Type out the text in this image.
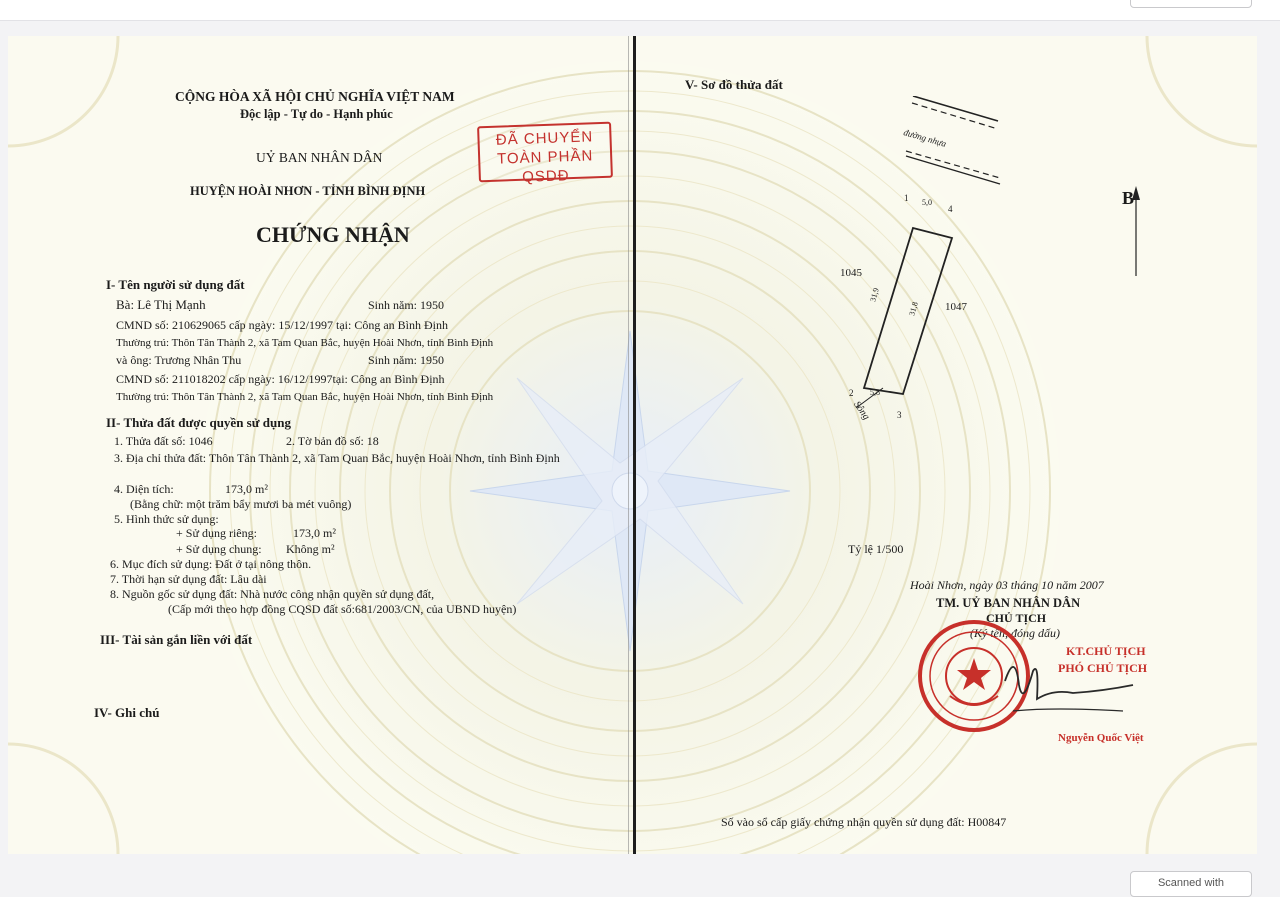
CỘNG HÒA XÃ HỘI CHỦ NGHĨA VIỆT NAM
Độc lập - Tự do - Hạnh phúc
UỶ BAN NHÂN DÂN
HUYỆN HOÀI NHƠN - TỈNH BÌNH ĐỊNH
CHỨNG NHẬN
ĐÃ CHUYỂN
TOÀN PHẦN QSDĐ
I- Tên người sử dụng đất
Bà: Lê Thị Mạnh	Sinh năm: 1950
CMND số: 210629065 cấp ngày: 15/12/1997 tại: Công an Bình Định
Thường trú: Thôn Tân Thành 2, xã Tam Quan Bắc, huyện Hoài Nhơn, tỉnh Bình Định
và ông: Trương Nhân Thu	Sinh năm: 1950
CMND số: 211018202 cấp ngày: 16/12/1997tại: Công an Bình Định
Thường trú: Thôn Tân Thành 2, xã Tam Quan Bắc, huyện Hoài Nhơn, tỉnh Bình Định
II- Thửa đất được quyền sử dụng
1. Thửa đất số: 1046	2. Tờ bản đồ số: 18
3. Địa chỉ thửa đất: Thôn Tân Thành 2, xã Tam Quan Bắc, huyện Hoài Nhơn, tỉnh Bình Định
4. Diện tích:	173,0 m²
(Bằng chữ: một trăm bẩy mươi ba mét vuông)
5. Hình thức sử dụng:
+ Sử dụng riêng:	173,0 m²
+ Sử dụng chung: Không m²
6. Mục đích sử dụng: Đất ở tại nông thôn.
7. Thời hạn sử dụng đất: Lâu dài
8. Nguồn gốc sử dụng đất: Nhà nước công nhận quyền sử dụng đất,
(Cấp mới theo hợp đồng CQSD đất số:681/2003/CN, của UBND huyện)
III- Tài sản gắn liền với đất
IV- Ghi chú
V- Sơ đồ thửa đất
đường nhựa
Sông
B
1045
1047
1
2
3
4
5,0
31,9
31,8
5,8
Tỷ lệ 1/500
Hoài Nhơn, ngày 03 tháng 10 năm 2007
TM. UỶ BAN NHÂN DÂN
CHỦ TỊCH
(Ký tên, đóng dấu)
KT.CHỦ TỊCH
PHÓ CHỦ TỊCH
Nguyễn Quốc Việt
Số vào sổ cấp giấy chứng nhận quyền sử dụng đất: H00847
Scanned with
